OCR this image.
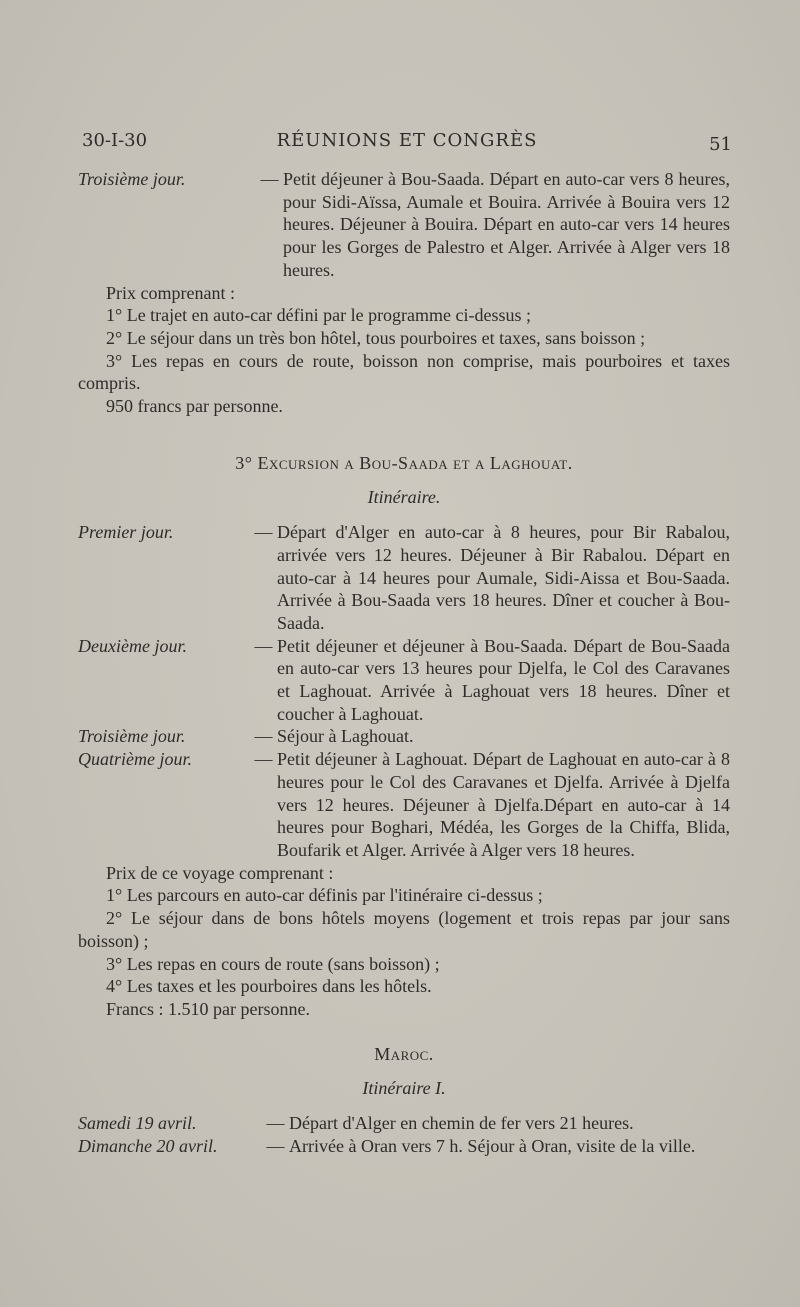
30-I-30	RÉUNIONS ET CONGRÈS	51
Troisième jour.	— Petit déjeuner à Bou-Saada. Départ en auto-car vers 8 heures, pour Sidi-Aïssa, Aumale et Bouira. Arrivée à Bouira vers 12 heures. Déjeuner à Bouira. Départ en auto-car vers 14 heures pour les Gorges de Palestro et Alger. Arrivée à Alger vers 18 heures.
Prix comprenant :
1° Le trajet en auto-car défini par le programme ci-dessus ;
2° Le séjour dans un très bon hôtel, tous pourboires et taxes, sans boisson ;
3° Les repas en cours de route, boisson non comprise, mais pourboires et taxes compris.
950 francs par personne.
3° Excursion a Bou-Saada et a Laghouat.
Itinéraire.
Premier jour.	— Départ d'Alger en auto-car à 8 heures, pour Bir Rabalou, arrivée vers 12 heures. Déjeuner à Bir Rabalou. Départ en auto-car à 14 heures pour Aumale, Sidi-Aissa et Bou-Saada. Arrivée à Bou-Saada vers 18 heures. Dîner et coucher à Bou-Saada.
Deuxième jour.	— Petit déjeuner et déjeuner à Bou-Saada. Départ de Bou-Saada en auto-car vers 13 heures pour Djelfa, le Col des Caravanes et Laghouat. Arrivée à Laghouat vers 18 heures. Dîner et coucher à Laghouat.
Troisième jour.	— Séjour à Laghouat.
Quatrième jour.	— Petit déjeuner à Laghouat. Départ de Laghouat en auto-car à 8 heures pour le Col des Caravanes et Djelfa. Arrivée à Djelfa vers 12 heures. Déjeuner à Djelfa.Départ en auto-car à 14 heures pour Boghari, Médéa, les Gorges de la Chiffa, Blida, Boufarik et Alger. Arrivée à Alger vers 18 heures.
Prix de ce voyage comprenant :
1° Les parcours en auto-car définis par l'itinéraire ci-dessus ;
2° Le séjour dans de bons hôtels moyens (logement et trois repas par jour sans boisson) ;
3° Les repas en cours de route (sans boisson) ;
4° Les taxes et les pourboires dans les hôtels.
Francs : 1.510 par personne.
Maroc.
Itinéraire I.
Samedi 19 avril.	— Départ d'Alger en chemin de fer vers 21 heures.
Dimanche 20 avril.	— Arrivée à Oran vers 7 h. Séjour à Oran, visite de la ville.
